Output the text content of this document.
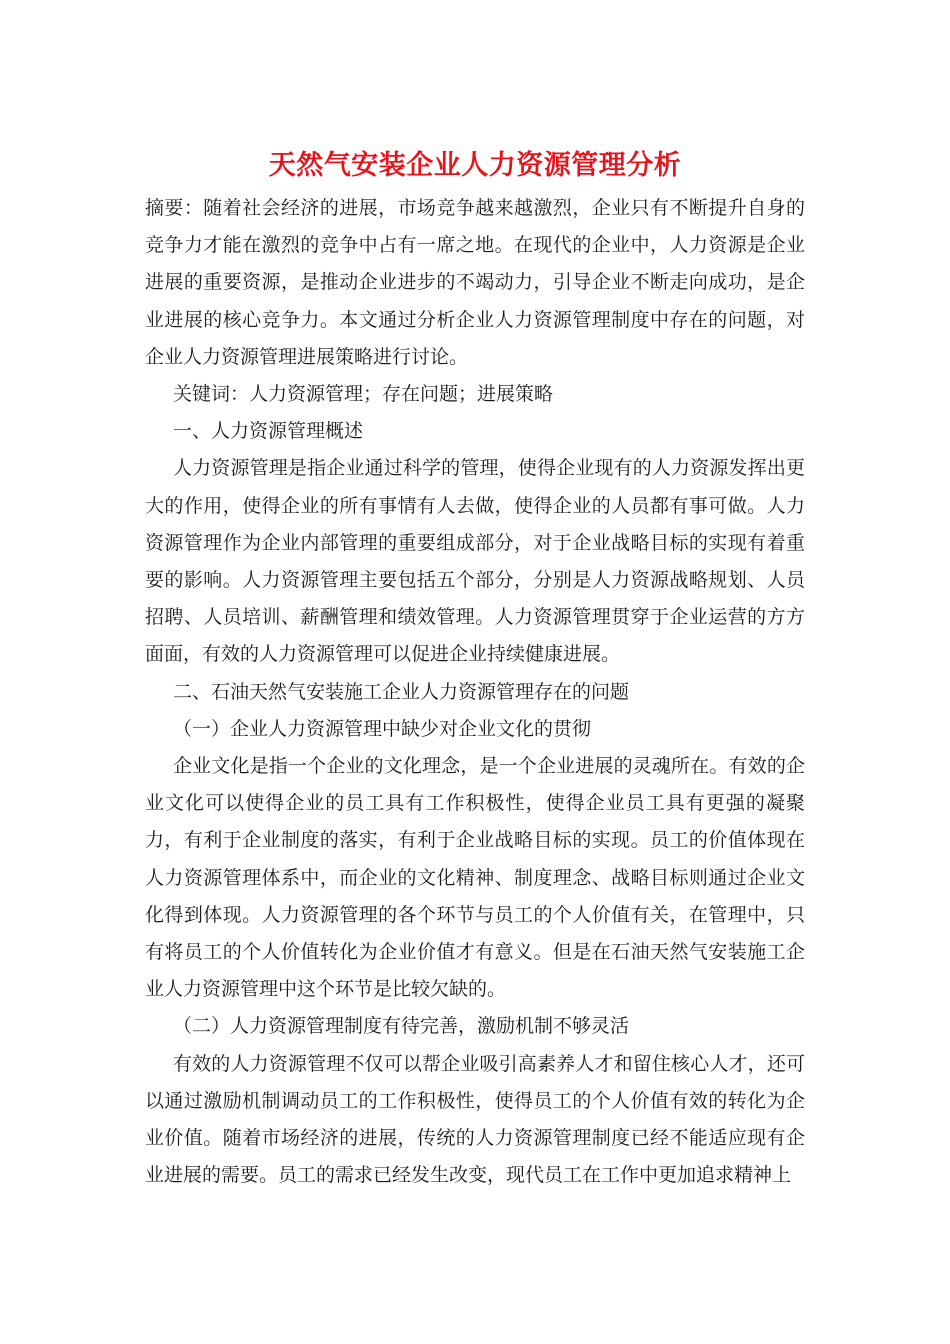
天然气安装企业人力资源管理分析

摘要：随着社会经济的进展，市场竞争越来越激烈，企业只有不断提升自身的竞争力才能在激烈的竞争中占有一席之地。在现代的企业中，人力资源是企业进展的重要资源，是推动企业进步的不竭动力，引导企业不断走向成功，是企业进展的核心竞争力。本文通过分析企业人力资源管理制度中存在的问题，对企业人力资源管理进展策略进行讨论。

关键词：人力资源管理；存在问题；进展策略

一、人力资源管理概述

人力资源管理是指企业通过科学的管理，使得企业现有的人力资源发挥出更大的作用，使得企业的所有事情有人去做，使得企业的人员都有事可做。人力资源管理作为企业内部管理的重要组成部分，对于企业战略目标的实现有着重要的影响。人力资源管理主要包括五个部分，分别是人力资源战略规划、人员招聘、人员培训、薪酬管理和绩效管理。人力资源管理贯穿于企业运营的方方面面，有效的人力资源管理可以促进企业持续健康进展。

二、石油天然气安装施工企业人力资源管理存在的问题

（一）企业人力资源管理中缺少对企业文化的贯彻

企业文化是指一个企业的文化理念，是一个企业进展的灵魂所在。有效的企业文化可以使得企业的员工具有工作积极性，使得企业员工具有更强的凝聚力，有利于企业制度的落实，有利于企业战略目标的实现。员工的价值体现在人力资源管理体系中，而企业的文化精神、制度理念、战略目标则通过企业文化得到体现。人力资源管理的各个环节与员工的个人价值有关，在管理中，只有将员工的个人价值转化为企业价值才有意义。但是在石油天然气安装施工企业人力资源管理中这个环节是比较欠缺的。

（二）人力资源管理制度有待完善，激励机制不够灵活

有效的人力资源管理不仅可以帮企业吸引高素养人才和留住核心人才，还可以通过激励机制调动员工的工作积极性，使得员工的个人价值有效的转化为企业价值。随着市场经济的进展，传统的人力资源管理制度已经不能适应现有企业进展的需要。员工的需求已经发生改变，现代员工在工作中更加追求精神上
